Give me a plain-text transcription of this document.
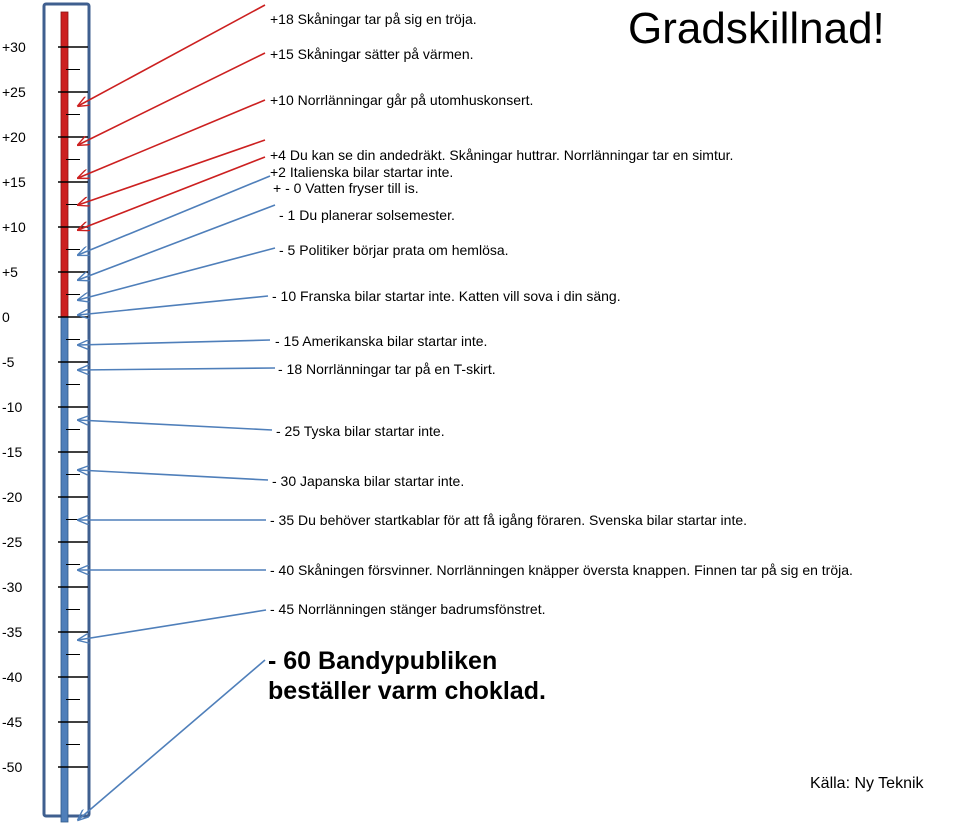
Gradskillnad!
Källa: Ny Teknik
+30
+25
+20
+15
+10
+5
0
-5
-10
-15
-20
-25
-30
-35
-40
-45
-50
+18 Skåningar tar på sig en tröja.
+15 Skåningar sätter på värmen.
+10 Norrlänningar går på utomhuskonsert.
+4 Du kan se din andedräkt. Skåningar huttrar. Norrlänningar tar en simtur.
+2 Italienska bilar startar inte.
+ - 0 Vatten fryser till is.
- 1 Du planerar solsemester.
- 5 Politiker börjar prata om hemlösa.
- 10 Franska bilar startar inte. Katten vill sova i din säng.
- 15 Amerikanska bilar startar inte.
- 18 Norrlänningar tar på en T-skirt.
- 25 Tyska bilar startar inte.
- 30 Japanska bilar startar inte.
- 35 Du behöver startkablar för att få igång föraren. Svenska bilar startar inte.
- 40 Skåningen försvinner. Norrlänningen knäpper översta knappen. Finnen tar på sig en tröja.
- 45 Norrlänningen stänger badrumsfönstret.
- 60 Bandypubliken beställer varm choklad.
